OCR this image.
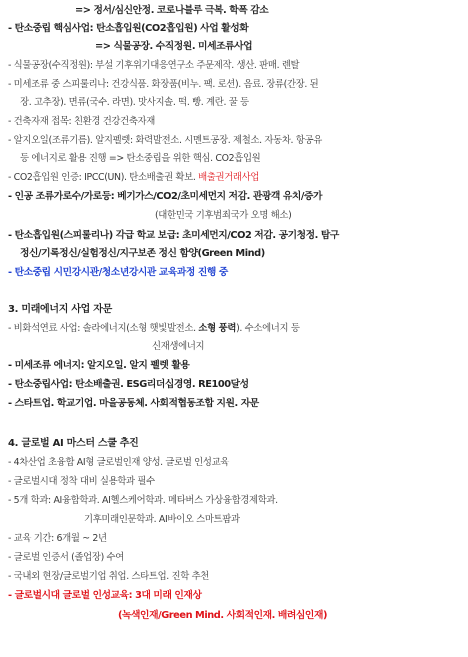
=> 정서/심신안정. 코로나블루 극복. 학폭 감소
- 탄소중립 핵심사업: 탄소흡입원(CO2흡입원) 사업 활성화
=> 식물공장. 수직정원. 미세조류사업
- 식물공장(수직정원): 부설 기후위기대응연구소 주문제작. 생산. 판매. 렌탈
- 미세조류 중 스피룰리나: 건강식품. 화장품(비누. 팩. 로션). 음료. 장류(간장. 된
장. 고추장). 면류(국수. 라면). 맛사지솔. 떡. 빵. 계란. 꿀 등
- 건축자재 접목: 친환경 건강건축자재
- 알지오일(조류기름). 알지펠렛: 화력발전소. 시멘트공장. 제철소. 자동차. 항공유
등 에너지로 활용 진행 => 탄소중립을 위한 핵심. CO2흡입원
- CO2흡입원 인증: IPCC(UN). 탄소배출권 확보. 배출권거래사업
- 인공 조류가로수/가로등: 베기가스/CO2/초미세먼지 저감. 관광객 유치/증가
(대한민국 기후범죄국가 오명 해소)
- 탄소흡입원(스피룰리나) 각급 학교 보급: 초미세먼지/CO2 저감. 공기청정. 탐구
정신/기록정신/실험정신/지구보존 정신 함양(Green Mind)
- 탄소중립 시민강시관/청소년강시관 교육과정 진행 중
3. 미래에너지 사업 자문
- 비화석연료 사업: 솔라에너지(소형 햇빛발전소. 소형 풍력). 수소에너지 등
신재생에너지
- 미세조류 에너지: 알지오일. 알지 펠렛 활용
- 탄소중립사업: 탄소배출권. ESG리더십경영. RE100달성
- 스타트업. 학교기업. 마을공동체. 사회적협동조합 지원. 자문
4. 글로벌 AI 마스터 스쿨 추진
- 4차산업 초융합 AI형 글로벌인재 양성. 글로벌 인성교육
- 글로벌시대 정착 대비 실용학과 필수
- 5개 학과: AI융합학과. AI헬스케어학과. 메타버스 가상융합경제학과.
기후미래인문학과. AI바이오 스마트팜과
- 교육 기간: 6개월 ~ 2년
- 글로벌 인증서 (졸업장) 수여
- 국내외 현장/글로벌기업 취업. 스타트업. 진학 추천
- 글로벌시대 글로벌 인성교육: 3대 미래 인재상
(녹색인재/Green Mind. 사회적인재. 배려심인재)
